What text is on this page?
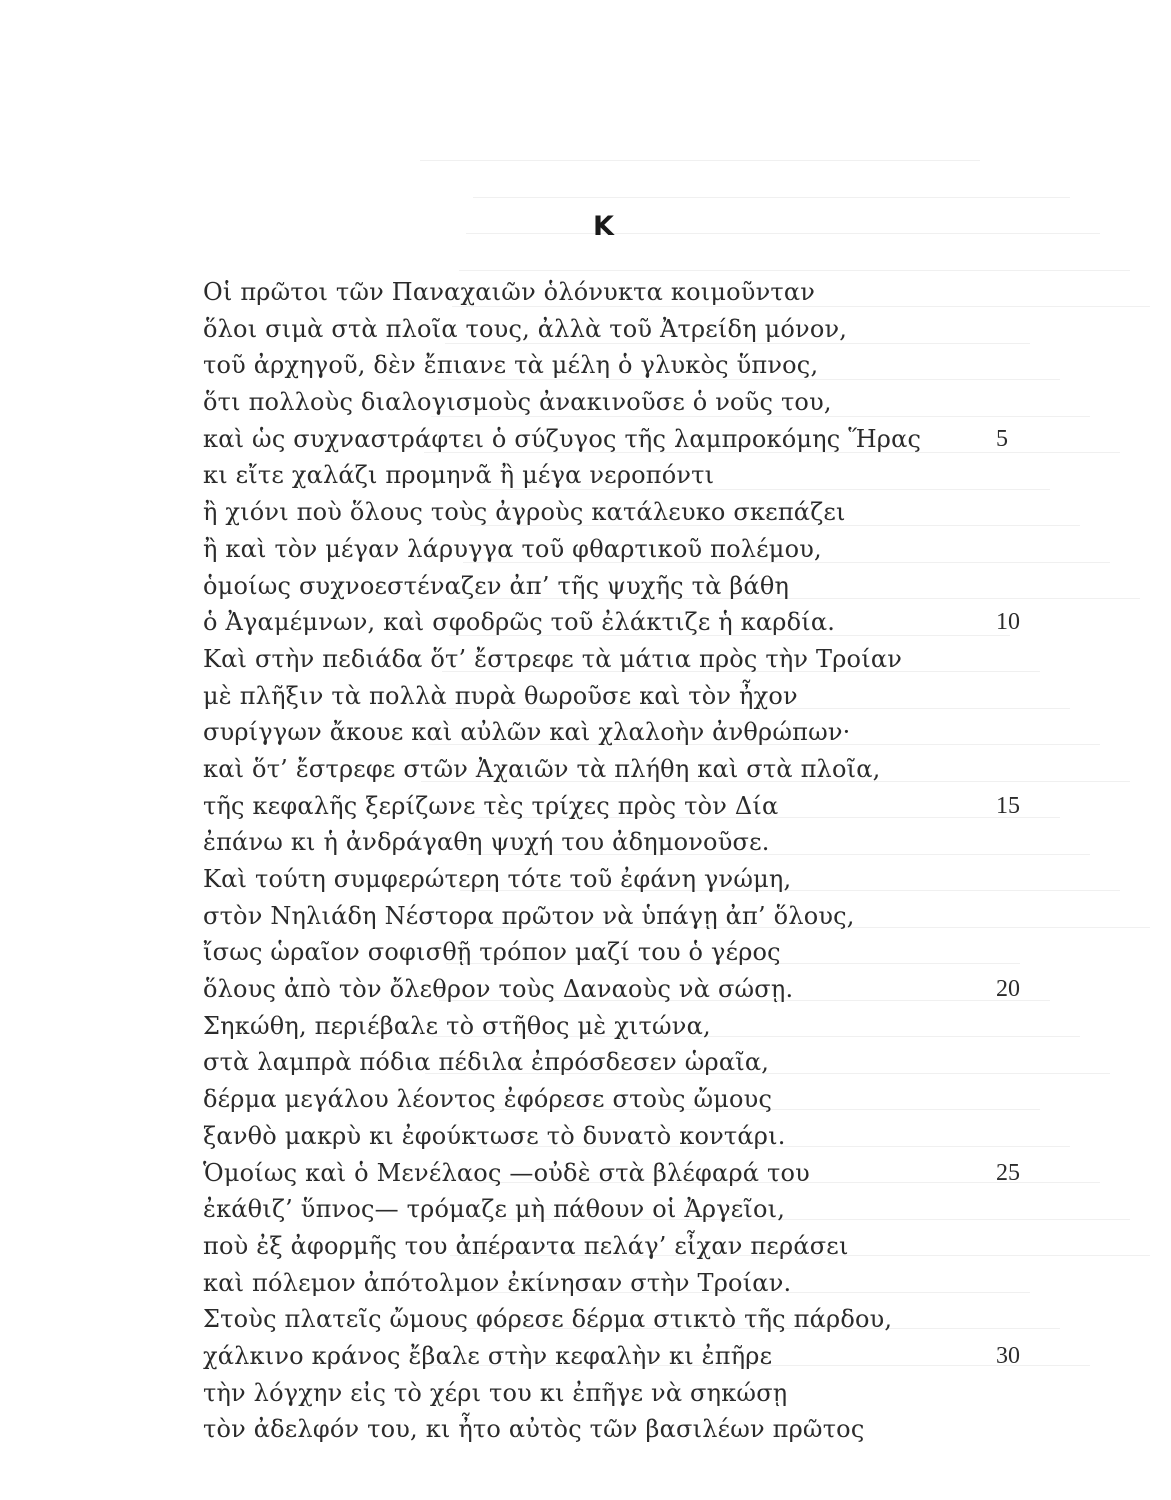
K
Οἱ πρῶτοι τῶν Παναχαιῶν ὁλόνυκτα κοιμοῦνταν
ὅλοι σιμὰ στὰ πλοῖα τους, ἀλλὰ τοῦ Ἀτρείδη μόνον,
τοῦ ἀρχηγοῦ, δὲν ἔπιανε τὰ μέλη ὁ γλυκὸς ὕπνος,
ὅτι πολλοὺς διαλογισμοὺς ἀνακινοῦσε ὁ νοῦς του,
καὶ ὡς συχναστράφτει ὁ σύζυγος τῆς λαμπροκόμης Ἥρας
κι εἴτε χαλάζι προμηνᾶ ἢ μέγα νεροπόντι
ἢ χιόνι ποὺ ὅλους τοὺς ἀγροὺς κατάλευκο σκεπάζει
ἢ καὶ τὸν μέγαν λάρυγγα τοῦ φθαρτικοῦ πολέμου,
ὁμοίως συχνοεστέναζεν ἀπ’ τῆς ψυχῆς τὰ βάθη
ὁ Ἀγαμέμνων, καὶ σφοδρῶς τοῦ ἐλάκτιζε ἡ καρδία.
Καὶ στὴν πεδιάδα ὅτ’ ἔστρεφε τὰ μάτια πρὸς τὴν Τροίαν
μὲ πλῆξιν τὰ πολλὰ πυρὰ θωροῦσε καὶ τὸν ἦχον
συρίγγων ἄκουε καὶ αὐλῶν καὶ χλαλοὴν ἀνθρώπων·
καὶ ὅτ’ ἔστρεφε στῶν Ἀχαιῶν τὰ πλήθη καὶ στὰ πλοῖα,
τῆς κεφαλῆς ξερίζωνε τὲς τρίχες πρὸς τὸν Δία
ἐπάνω κι ἡ ἀνδράγαθη ψυχή του ἀδημονοῦσε.
Καὶ τούτη συμφερώτερη τότε τοῦ ἐφάνη γνώμη,
στὸν Νηλιάδη Νέστορα πρῶτον νὰ ὑπάγῃ ἀπ’ ὅλους,
ἴσως ὡραῖον σοφισθῇ τρόπον μαζί του ὁ γέρος
ὅλους ἀπὸ τὸν ὄλεθρον τοὺς Δαναοὺς νὰ σώσῃ.
Σηκώθη, περιέβαλε τὸ στῆθος μὲ χιτώνα,
στὰ λαμπρὰ πόδια πέδιλα ἐπρόσδεσεν ὡραῖα,
δέρμα μεγάλου λέοντος ἐφόρεσε στοὺς ὤμους
ξανθὸ μακρὺ κι ἐφούκτωσε τὸ δυνατὸ κοντάρι.
Ὁμοίως καὶ ὁ Μενέλαος —οὐδὲ στὰ βλέφαρά του
ἐκάθιζ’ ὕπνος— τρόμαζε μὴ πάθουν οἱ Ἀργεῖοι,
ποὺ ἐξ ἀφορμῆς του ἀπέραντα πελάγ’ εἶχαν περάσει
καὶ πόλεμον ἀπότολμον ἐκίνησαν στὴν Τροίαν.
Στοὺς πλατεῖς ὤμους φόρεσε δέρμα στικτὸ τῆς πάρδου,
χάλκινο κράνος ἔβαλε στὴν κεφαλὴν κι ἐπῆρε
τὴν λόγχην εἰς τὸ χέρι του κι ἐπῆγε νὰ σηκώσῃ
τὸν ἀδελφόν του, κι ἦτο αὐτὸς τῶν βασιλέων πρῶτος
5
10
15
20
25
30
